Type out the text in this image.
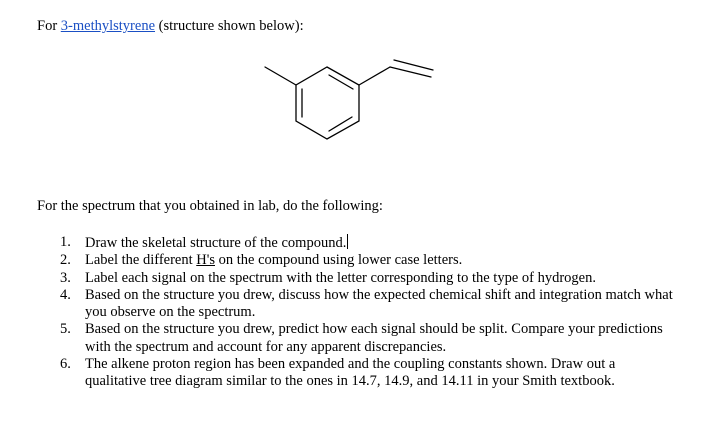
For 3-methylstyrene (structure shown below):

For the spectrum that you obtained in lab, do the following:

1. Draw the skeletal structure of the compound.
2. Label the different H's on the compound using lower case letters.
3. Label each signal on the spectrum with the letter corresponding to the type of hydrogen.
4. Based on the structure you drew, discuss how the expected chemical shift and integration match what you observe on the spectrum.
5. Based on the structure you drew, predict how each signal should be split. Compare your predictions with the spectrum and account for any apparent discrepancies.
6. The alkene proton region has been expanded and the coupling constants shown. Draw out a qualitative tree diagram similar to the ones in 14.7, 14.9, and 14.11 in your Smith textbook.
